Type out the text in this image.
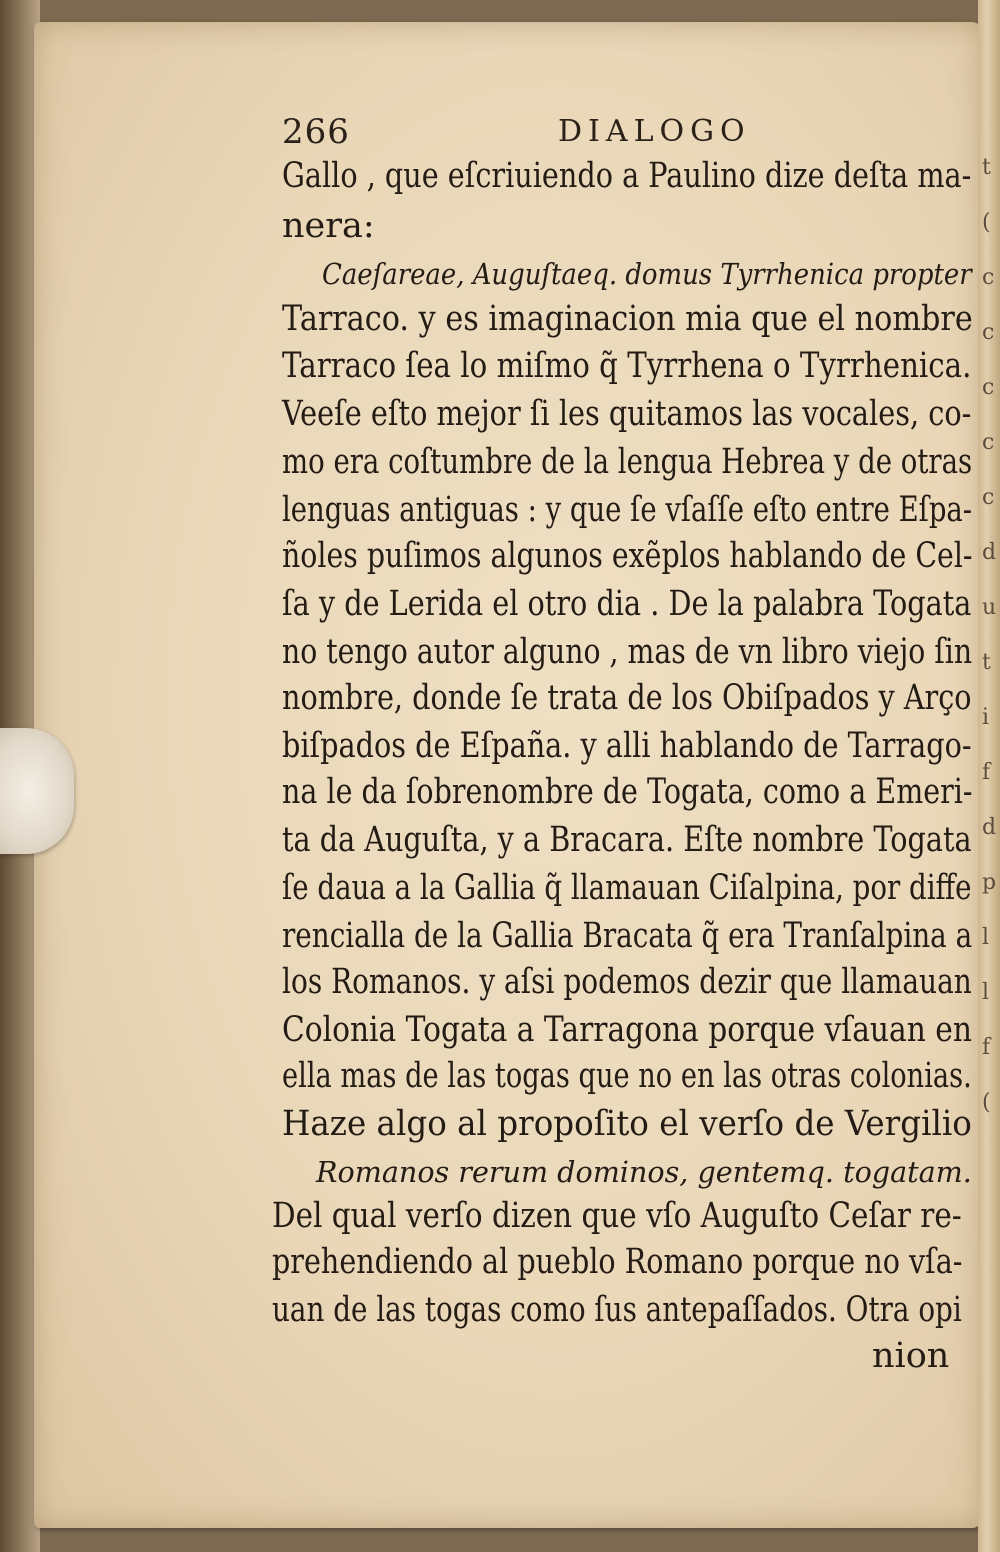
t
(
c
c
c
c
c
d
u
t
i
f
d
p
l
l
f
(
266	DIALOGO
Gallo , que eſcriuiendo a Paulino dize deſta ma-
nera:
Caeſareae, Auguſtaeq. domus Tyrrhenica propter
Tarraco. y es imaginacion mia que el nombre
Tarraco ſea lo miſmo q̃ Tyrrhena o Tyrrhenica.
Veeſe eſto mejor ſi les quitamos las vocales, co-
mo era coſtumbre de la lengua Hebrea y de otras
lenguas antiguas : y que ſe vſaſſe eſto entre Eſpa-
ñoles puſimos algunos exẽplos hablando de Cel-
ſa y de Lerida el otro dia . De la palabra Togata
no tengo autor alguno , mas de vn libro viejo ſin
nombre, donde ſe trata de los Obiſpados y Arço
biſpados de Eſpaña. y alli hablando de Tarrago-
na le da ſobrenombre de Togata, como a Emeri-
ta da Auguſta, y a Bracara. Eſte nombre Togata
ſe daua a la Gallia q̃ llamauan Ciſalpina, por diffe
rencialla de la Gallia Bracata q̃ era Tranſalpina a
los Romanos. y aſsi podemos dezir que llamauan
Colonia Togata a Tarragona porque vſauan en
ella mas de las togas que no en las otras colonias.
Haze algo al propoſito el verſo de Vergilio
Romanos rerum dominos, gentemq. togatam.
Del qual verſo dizen que vſo Auguſto Ceſar re-
prehendiendo al pueblo Romano porque no vſa-
uan de las togas como ſus antepaſſados. Otra opi
nion
